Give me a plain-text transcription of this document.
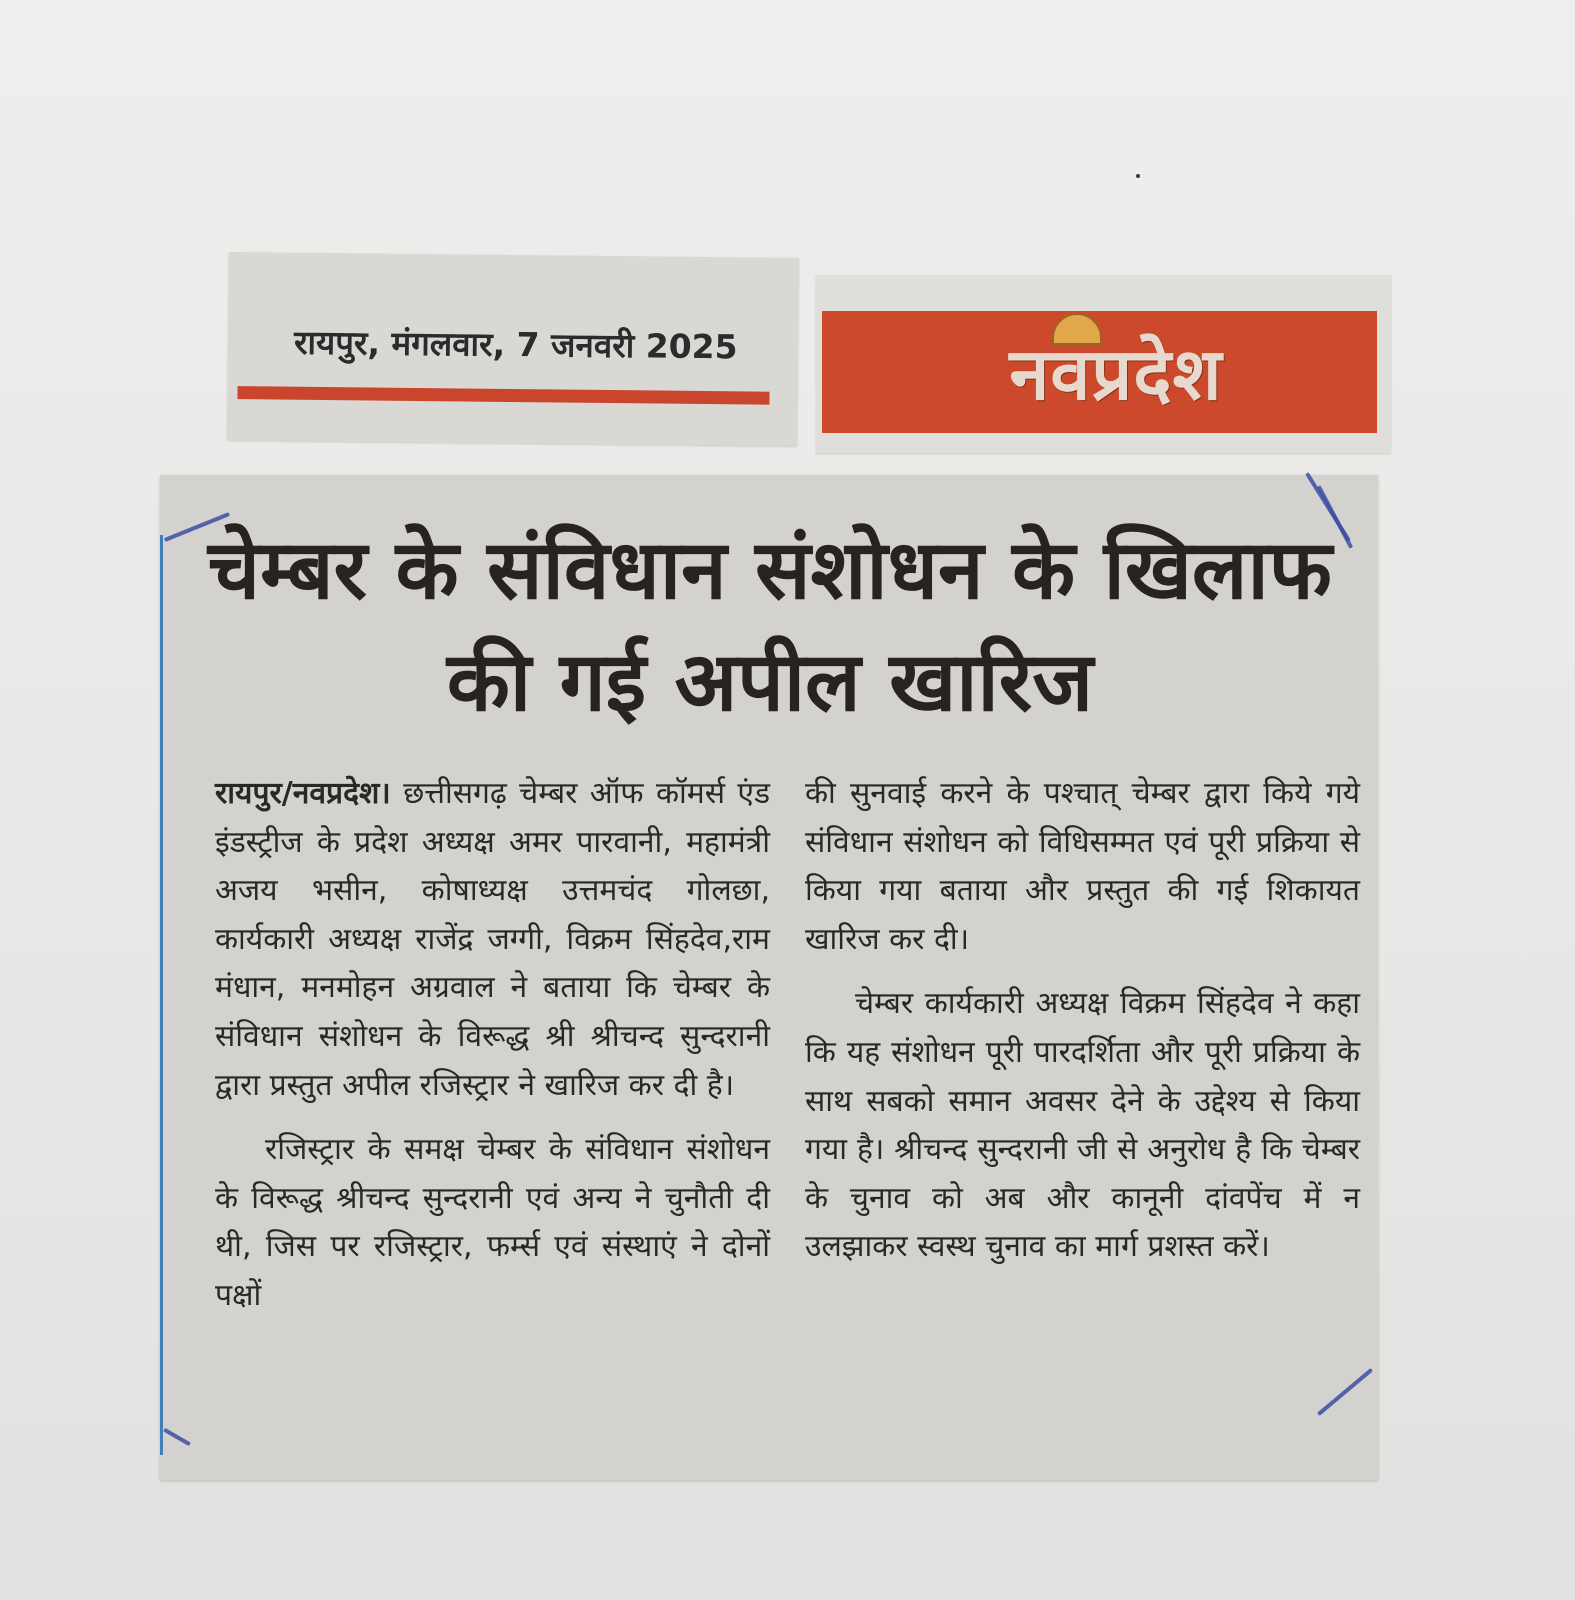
रायपुर, मंगलवार, 7 जनवरी 2025	नवप्रदेश
चेम्बर के संविधान संशोधन के खिलाफ की गई अपील खारिज

रायपुर/नवप्रदेश। छत्तीसगढ़ चेम्बर ऑफ कॉमर्स एंड इंडस्ट्रीज के प्रदेश अध्यक्ष अमर पारवानी, महामंत्री अजय भसीन, कोषाध्यक्ष उत्तमचंद गोलछा, कार्यकारी अध्यक्ष राजेंद्र जग्गी, विक्रम सिंहदेव,राम मंधान, मनमोहन अग्रवाल ने बताया कि चेम्बर के संविधान संशोधन के विरूद्ध श्री श्रीचन्द सुन्दरानी द्वारा प्रस्तुत अपील रजिस्ट्रार ने खारिज कर दी है।

रजिस्ट्रार के समक्ष चेम्बर के संविधान संशोधन के विरूद्ध श्रीचन्द सुन्दरानी एवं अन्य ने चुनौती दी थी, जिस पर रजिस्ट्रार, फर्म्स एवं संस्थाएं ने दोनों पक्षों

की सुनवाई करने के पश्चात् चेम्बर द्वारा किये गये संविधान संशोधन को विधिसम्मत एवं पूरी प्रक्रिया से किया गया बताया और प्रस्तुत की गई शिकायत खारिज कर दी।

चेम्बर कार्यकारी अध्यक्ष विक्रम सिंहदेव ने कहा कि यह संशोधन पूरी पारदर्शिता और पूरी प्रक्रिया के साथ सबको समान अवसर देने के उद्देश्य से किया गया है। श्रीचन्द सुन्दरानी जी से अनुरोध है कि चेम्बर के चुनाव को अब और कानूनी दांवपेंच में न उलझाकर स्वस्थ चुनाव का मार्ग प्रशस्त करें।
